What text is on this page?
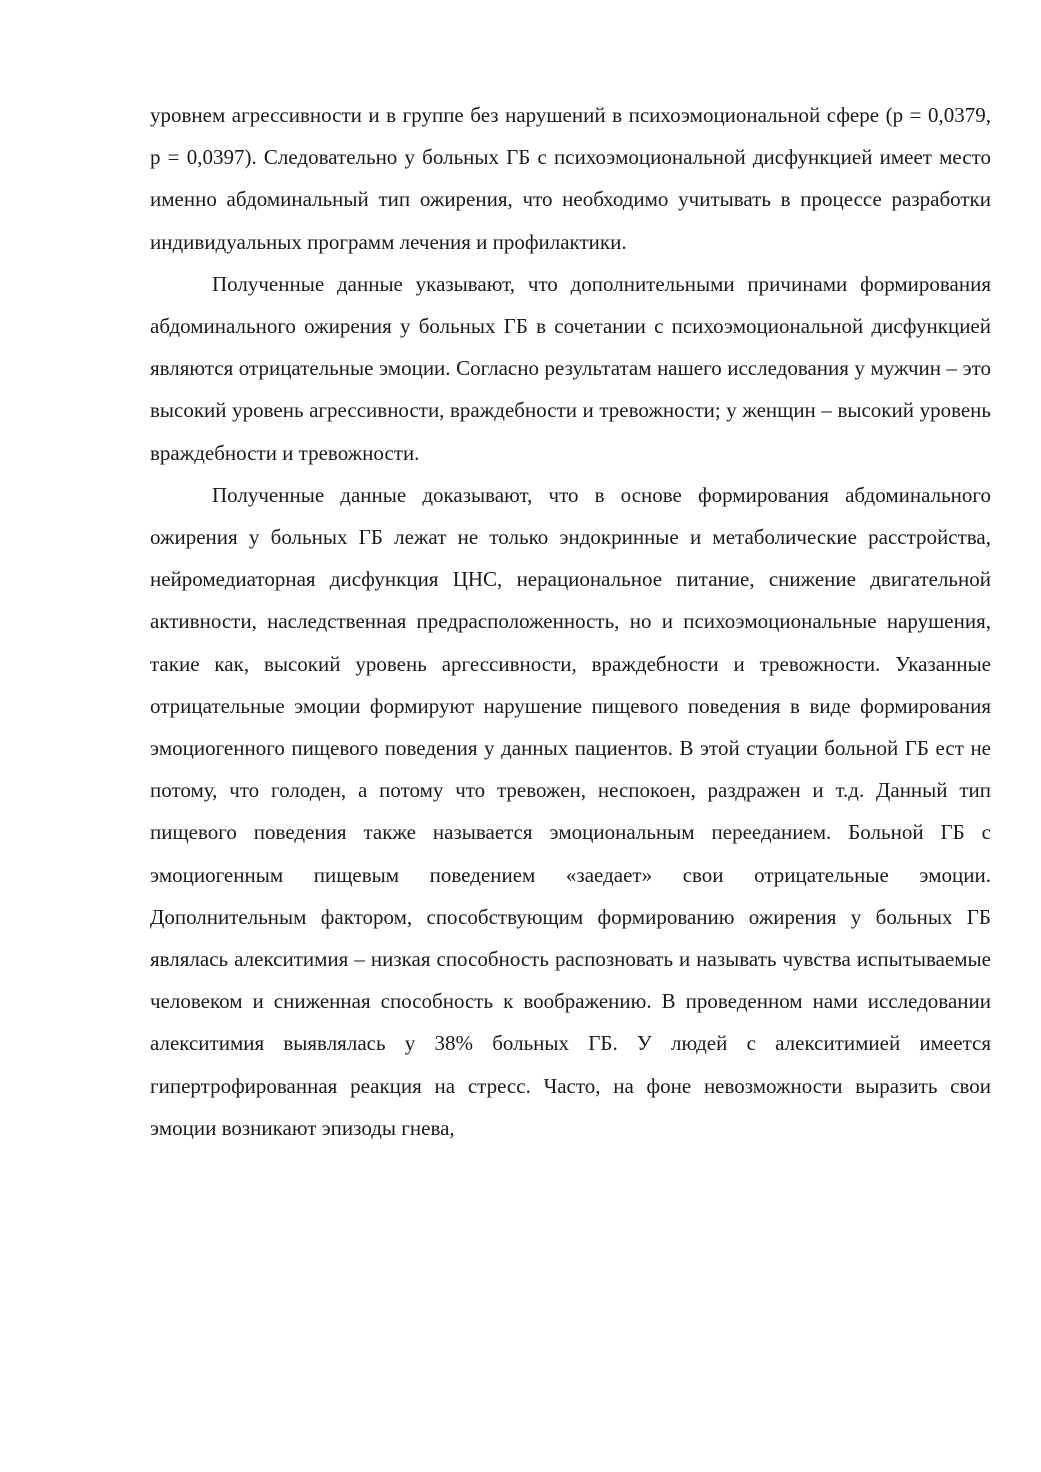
уровнем агрессивности и в группе без нарушений в психоэмоциональной сфере (p = 0,0379, p = 0,0397). Следовательно у больных ГБ с психоэмоциональной дисфункцией имеет место именно абдоминальный тип ожирения, что необходимо учитывать в процессе разработки индивидуальных программ лечения и профилактики.

Полученные данные указывают, что дополнительными причинами формирования абдоминального ожирения у больных ГБ в сочетании с психоэмоциональной дисфункцией являются отрицательные эмоции. Согласно результатам нашего исследования у мужчин – это высокий уровень агрессивности, враждебности и тревожности; у женщин – высокий уровень враждебности и тревожности.

Полученные данные доказывают, что в основе формирования абдоминального ожирения у больных ГБ лежат не только эндокринные и метаболические расстройства, нейромедиаторная дисфункция ЦНС, нерациональное питание, снижение двигательной активности, наследственная предрасположенность, но и психоэмоциональные нарушения, такие как, высокий уровень аргессивности, враждебности и тревожности. Указанные отрицательные эмоции формируют нарушение пищевого поведения в виде формирования эмоциогенного пищевого поведения у данных пациентов. В этой стуации больной ГБ ест не потому, что голоден, а потому что тревожен, неспокоен, раздражен и т.д. Данный тип пищевого поведения также называется эмоциональным перееданием. Больной ГБ с эмоциогенным пищевым поведением «заедает» свои отрицательные эмоции. Дополнительным фактором, способствующим формированию ожирения у больных ГБ являлась алекситимия – низкая способность распозновать и называть чувства испытываемые человеком и сниженная способность к воображению. В проведенном нами исследовании алекситимия выявлялась у 38% больных ГБ. У людей с алекситимией имеется гипертрофированная реакция на стресс. Часто, на фоне невозможности выразить свои эмоции возникают эпизоды гнева,
